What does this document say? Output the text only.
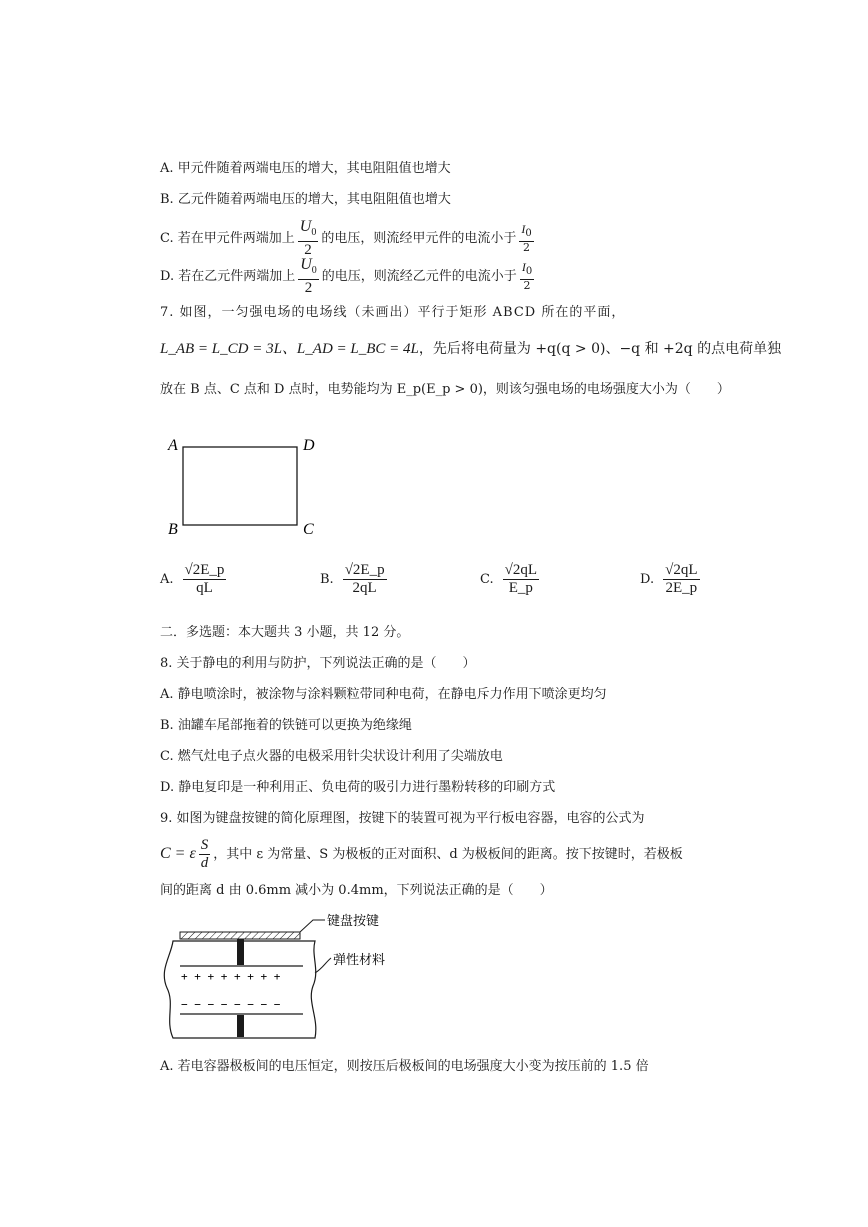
A. 甲元件随着两端电压的增大，其电阻阻值也增大
B. 乙元件随着两端电压的增大，其电阻阻值也增大
C. 若在甲元件两端加上 $\frac{U_0}{2}$ 的电压，则流经甲元件的电流小于 $\frac{I_0}{2}$
D. 若在乙元件两端加上 $\frac{U_0}{2}$ 的电压，则流经乙元件的电流小于 $\frac{I_0}{2}$
7. 如图，一匀强电场的电场线（未画出）平行于矩形 ABCD 所在的平面，
L_AB = L_CD = 3L、L_AD = L_BC = 4L，先后将电荷量为 +q(q > 0)、−q 和 +2q 的点电荷单独
放在 B 点、C 点和 D 点时，电势能均为 E_p(E_p > 0)，则该匀强电场的电场强度大小为（　　）
A	D
B	C
A. $\frac{√2E\_p}{qL}$	B. $\frac{√2E\_p}{2qL}$	C. $\frac{√2qL}{E\_p}$	D. $\frac{√2qL}{2E\_p}$
二．多选题：本大题共 3 小题，共 12 分。
8. 关于静电的利用与防护，下列说法正确的是（　　）
A. 静电喷涂时，被涂物与涂料颗粒带同种电荷，在静电斥力作用下喷涂更均匀
B. 油罐车尾部拖着的铁链可以更换为绝缘绳
C. 燃气灶电子点火器的电极采用针尖状设计利用了尖端放电
D. 静电复印是一种利用正、负电荷的吸引力进行墨粉转移的印刷方式
9. 如图为键盘按键的简化原理图，按键下的装置可视为平行板电容器，电容的公式为
C = ε $\frac{S}{d}$ ，其中 ε 为常量、S 为极板的正对面积、d 为极板间的距离。按下按键时，若极板
间的距离 d 由 0.6mm 减小为 0.4mm，下列说法正确的是（　　）
键盘按键
弹性材料
+ + + + + + + +
− − − − − − − −
A. 若电容器极板间的电压恒定，则按压后极板间的电场强度大小变为按压前的 1.5 倍
